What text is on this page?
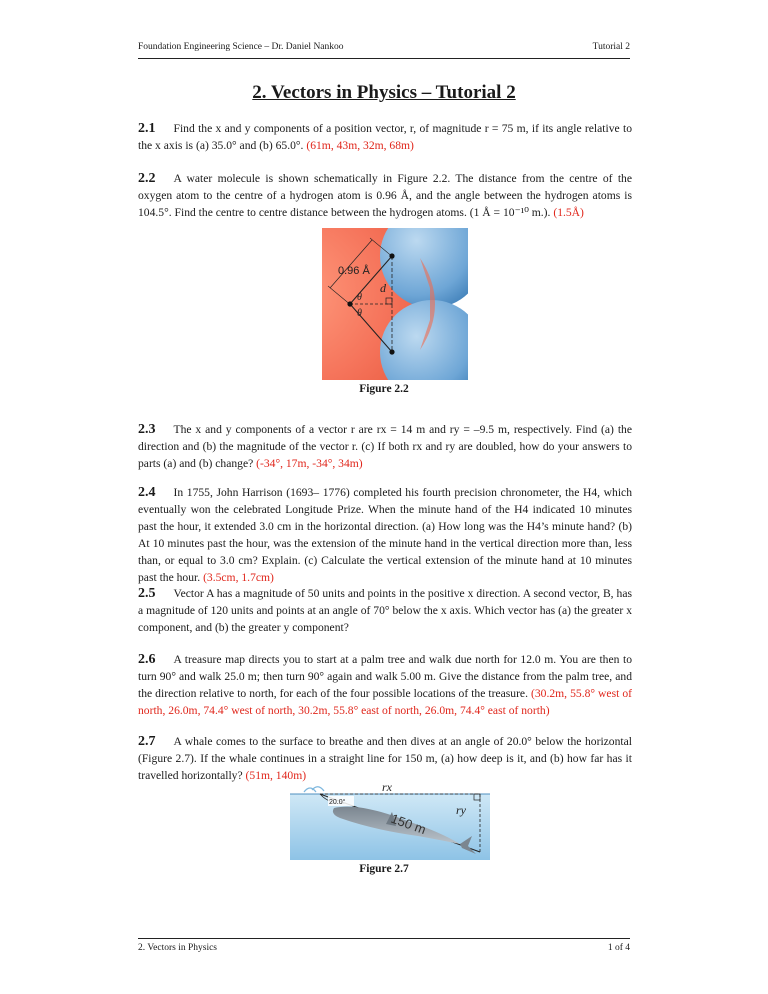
Foundation Engineering Science – Dr. Daniel Nankoo	Tutorial 2
2. Vectors in Physics – Tutorial 2
2.1 Find the x and y components of a position vector, r, of magnitude r = 75 m, if its angle relative to the x axis is (a) 35.0° and (b) 65.0°. (61m, 43m, 32m, 68m)
2.2 A water molecule is shown schematically in Figure 2.2. The distance from the centre of the oxygen atom to the centre of a hydrogen atom is 0.96 Å, and the angle between the hydrogen atoms is 104.5°. Find the centre to centre distance between the hydrogen atoms. (1 Å = 10⁻¹⁰ m.). (1.5Å)
0.96 Å
d
θ
θ
Figure 2.2
2.3 The x and y components of a vector r are rx = 14 m and ry = –9.5 m, respectively. Find (a) the direction and (b) the magnitude of the vector r. (c) If both rx and ry are doubled, how do your answers to parts (a) and (b) change? (-34°, 17m, -34°, 34m)
2.4 In 1755, John Harrison (1693– 1776) completed his fourth precision chronometer, the H4, which eventually won the celebrated Longitude Prize. When the minute hand of the H4 indicated 10 minutes past the hour, it extended 3.0 cm in the horizontal direction. (a) How long was the H4’s minute hand? (b) At 10 minutes past the hour, was the extension of the minute hand in the vertical direction more than, less than, or equal to 3.0 cm? Explain. (c) Calculate the vertical extension of the minute hand at 10 minutes past the hour. (3.5cm, 1.7cm)
2.5 Vector A has a magnitude of 50 units and points in the positive x direction. A second vector, B, has a magnitude of 120 units and points at an angle of 70° below the x axis. Which vector has (a) the greater x component, and (b) the greater y component?
2.6 A treasure map directs you to start at a palm tree and walk due north for 12.0 m. You are then to turn 90° and walk 25.0 m; then turn 90° again and walk 5.00 m. Give the distance from the palm tree, and the direction relative to north, for each of the four possible locations of the treasure. (30.2m, 55.8° west of north, 26.0m, 74.4° west of north, 30.2m, 55.8° east of north, 26.0m, 74.4° east of north)
2.7 A whale comes to the surface to breathe and then dives at an angle of 20.0° below the horizontal (Figure 2.7). If the whale continues in a straight line for 150 m, (a) how deep is it, and (b) how far has it travelled horizontally? (51m, 140m)
20.0°
rx
ry
150 m
Figure 2.7
2. Vectors in Physics	1 of 4
